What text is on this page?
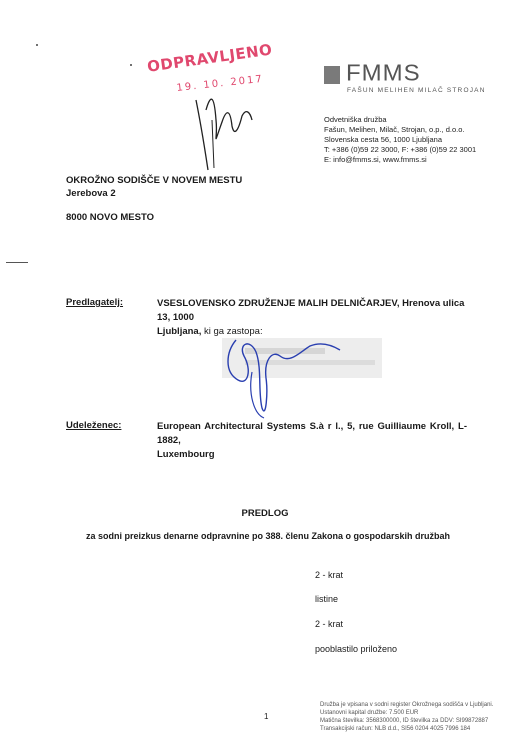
ODPRAVLJENO
19. 10. 2017	FMMS
FAŠUN MELIHEN MILAČ STROJAN
Odvetniška družba
Fašun, Melihen, Milač, Strojan, o.p., d.o.o.
Slovenska cesta 56, 1000 Ljubljana
T: +386 (0)59 22 3000, F: +386 (0)59 22 3001
E: info@fmms.si, www.fmms.si
OKROŽNO SODIŠČE V NOVEM MESTU
Jerebova 2
8000 NOVO MESTO
Predlagatelj:	VSESLOVENSKO ZDRUŽENJE MALIH DELNIČARJEV, Hrenova ulica 13, 1000
Ljubljana, ki ga zastopa:
Udeleženec:	European Architectural Systems S.à r l., 5, rue Guilliaume Kroll, L-1882,
Luxembourg
PREDLOG
za sodni preizkus denarne odpravnine po 388. členu Zakona o gospodarskih družbah
2 - krat
listine
2 - krat
pooblastilo priloženo
1
Družba je vpisana v sodni register Okrožnega sodišča v Ljubljani.
Ustanovni kapital družbe: 7.500 EUR
Matična številka: 3568300000, ID številka za DDV: SI99872887
Transakcijski račun: NLB d.d., SI56 0204 4025 7996 184
